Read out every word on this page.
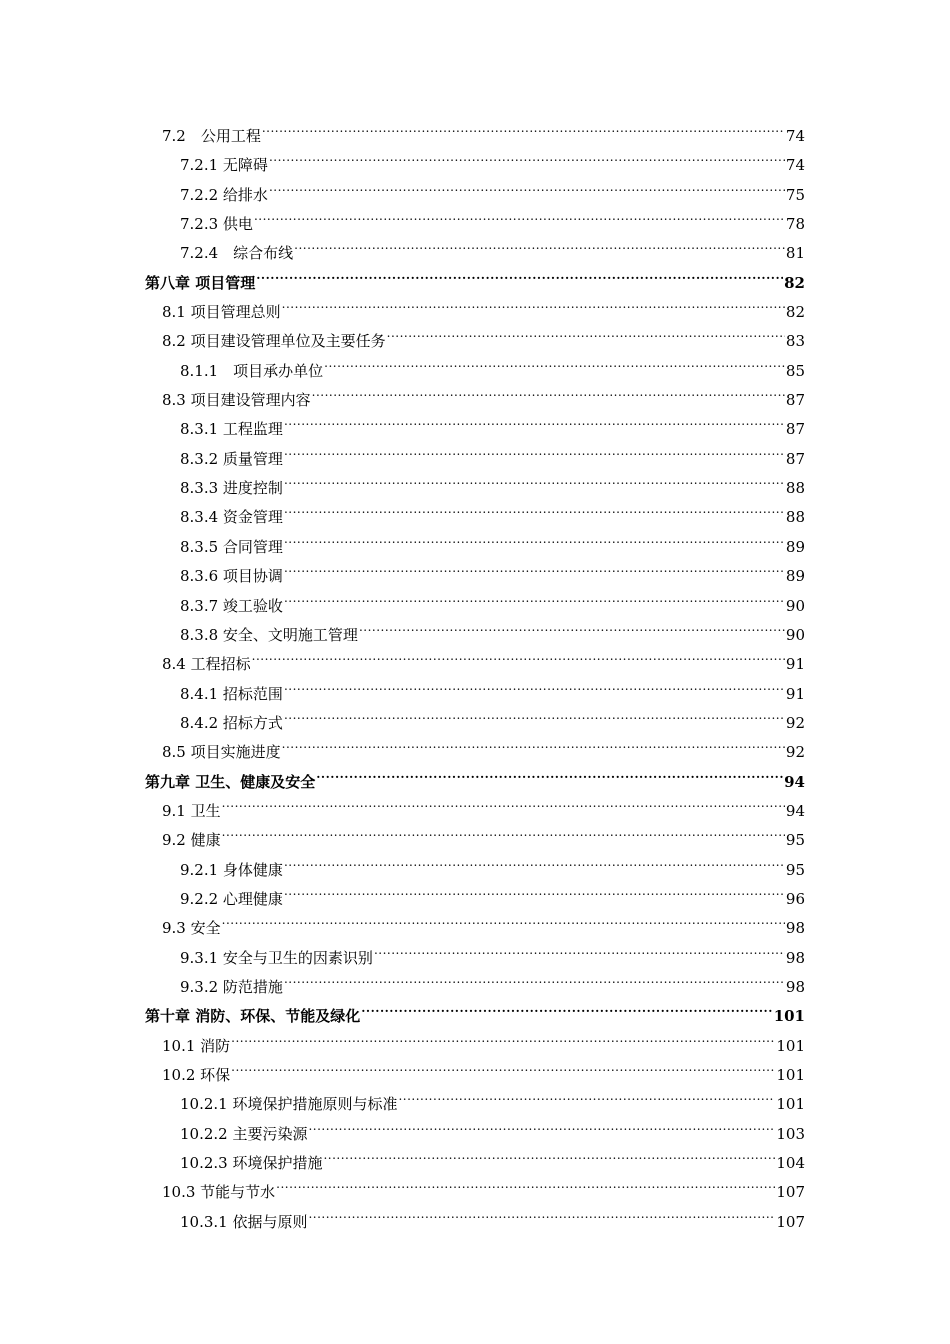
7.2　公用工程 .....	74
7.2.1 无障碍 .....	74
7.2.2 给排水 .....	75
7.2.3 供电 .....	78
7.2.4　综合布线 .....	81
第八章 项目管理 .....	82
8.1 项目管理总则 .....	82
8.2 项目建设管理单位及主要任务 .....	83
8.1.1　项目承办单位 .....	85
8.3 项目建设管理内容 .....	87
8.3.1 工程监理 .....	87
8.3.2 质量管理 .....	87
8.3.3 进度控制 .....	88
8.3.4 资金管理 .....	88
8.3.5 合同管理 .....	89
8.3.6 项目协调 .....	89
8.3.7 竣工验收 .....	90
8.3.8 安全、文明施工管理 .....	90
8.4 工程招标 .....	91
8.4.1 招标范围 .....	91
8.4.2 招标方式 .....	92
8.5 项目实施进度 .....	92
第九章 卫生、健康及安全 .....	94
9.1 卫生 .....	94
9.2 健康 .....	95
9.2.1 身体健康 .....	95
9.2.2 心理健康 .....	96
9.3 安全 .....	98
9.3.1 安全与卫生的因素识别 .....	98
9.3.2 防范措施 .....	98
第十章 消防、环保、节能及绿化 .....	101
10.1 消防 .....	101
10.2 环保 .....	101
10.2.1 环境保护措施原则与标准 .....	101
10.2.2 主要污染源 .....	103
10.2.3 环境保护措施 .....	104
10.3 节能与节水 .....	107
10.3.1 依据与原则 .....	107
